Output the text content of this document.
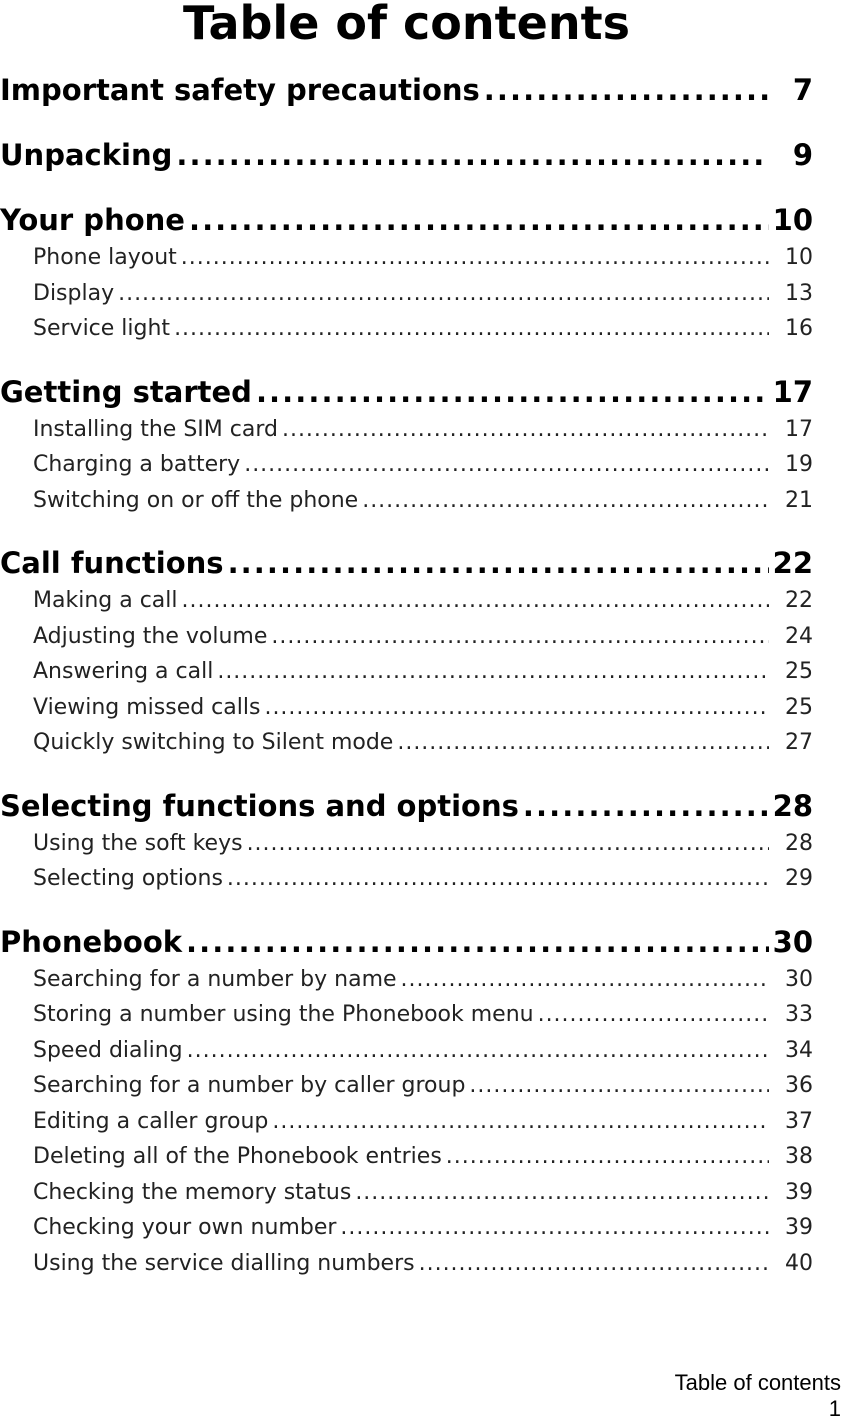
Table of contents
Important safety precautions . . .	7
Unpacking . . .	9
Your phone . . .	10
Phone layout . . .	10
Display . . .	13
Service light . . .	16
Getting started . . .	17
Installing the SIM card . . .	17
Charging a battery . . .	19
Switching on or off the phone . . .	21
Call functions . . .	22
Making a call . . .	22
Adjusting the volume . . .	24
Answering a call . . .	25
Viewing missed calls . . .	25
Quickly switching to Silent mode . . .	27
Selecting functions and options . . .	28
Using the soft keys . . .	28
Selecting options . . .	29
Phonebook . . .	30
Searching for a number by name . . .	30
Storing a number using the Phonebook menu . . .	33
Speed dialing . . .	34
Searching for a number by caller group . . .	36
Editing a caller group . . .	37
Deleting all of the Phonebook entries . . .	38
Checking the memory status . . .	39
Checking your own number . . .	39
Using the service dialling numbers . . .	40
Table of contents
1
